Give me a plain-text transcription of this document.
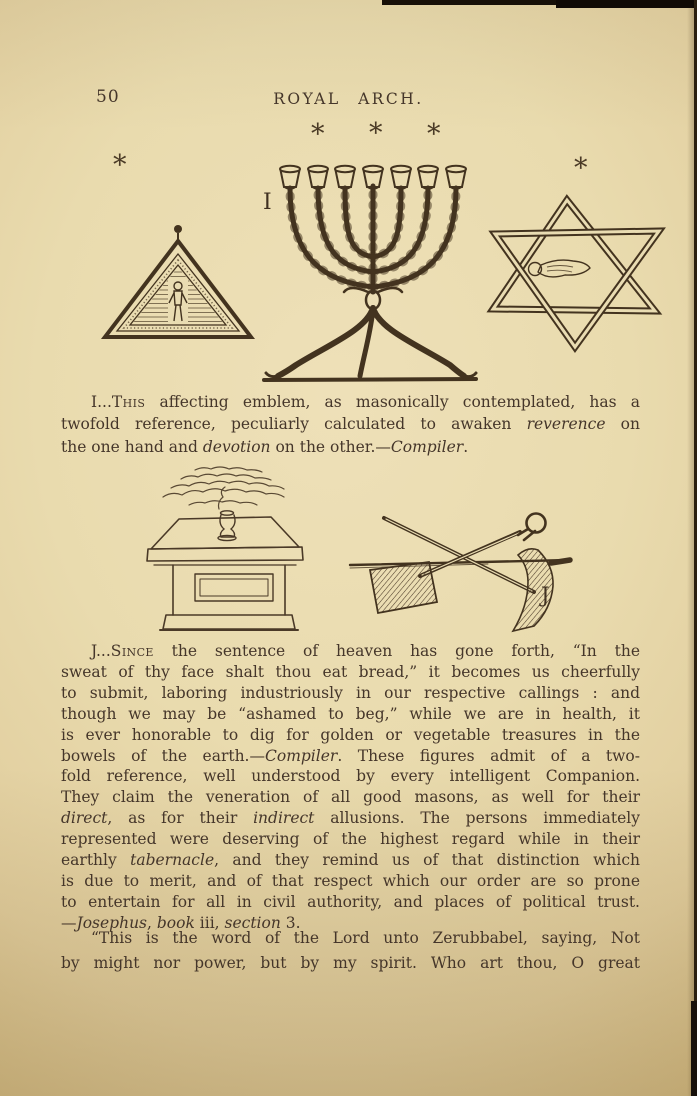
50	ROYAL ARCH.
* * *
*	*
I
I...This affecting emblem, as masonically contemplated, has a
twofold reference, peculiarly calculated to awaken reverence on
the one hand and devotion on the other.—Compiler.
J...Since the sentence of heaven has gone forth, “In the
sweat of thy face shalt thou eat bread,” it becomes us cheerfully
to submit, laboring industriously in our respective callings : and
though we may be “ashamed to beg,” while we are in health, it
is ever honorable to dig for golden or vegetable treasures in the
bowels of the earth.—Compiler. These figures admit of a two-
fold reference, well understood by every intelligent Companion.
They claim the veneration of all good masons, as well for their
direct, as for their indirect allusions. The persons immediately
represented were deserving of the highest regard while in their
earthly tabernacle, and they remind us of that distinction which
is due to merit, and of that respect which our order are so prone
to entertain for all in civil authority, and places of political trust.
—Josephus, book iii, section 3.
“This is the word of the Lord unto Zerubbabel, saying, Not
by might nor power, but by my spirit. Who art thou, O great
